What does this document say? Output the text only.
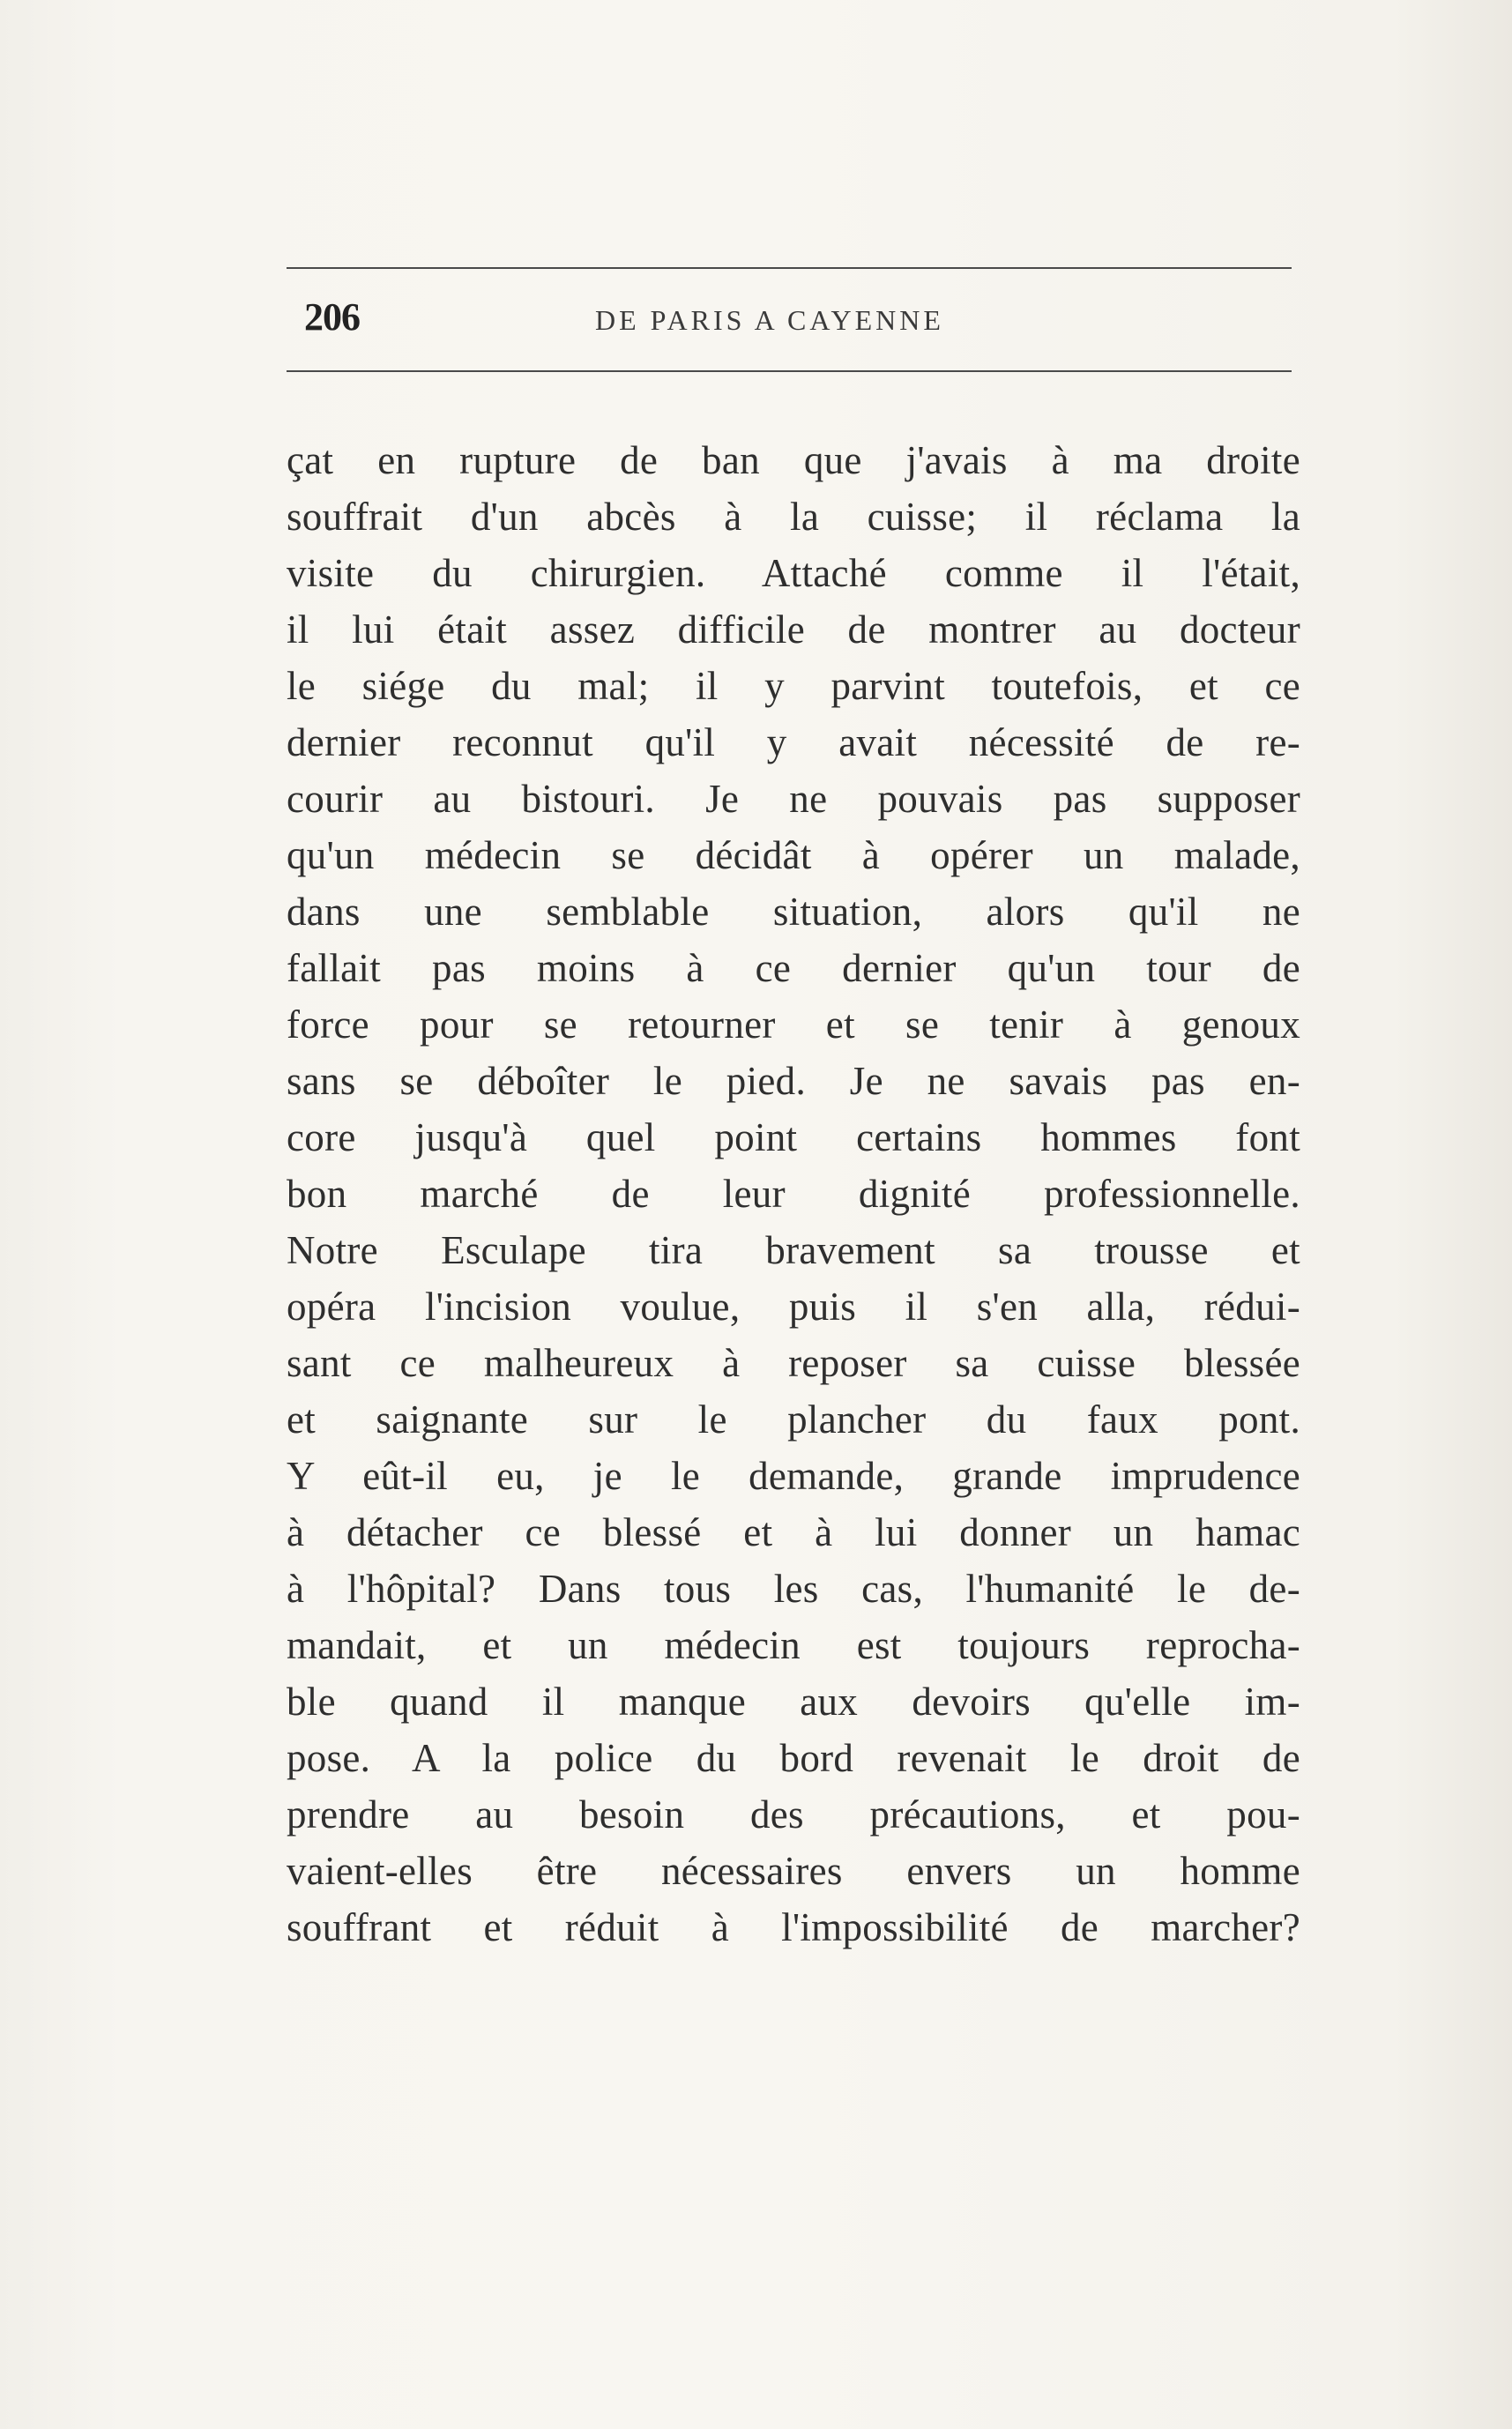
206	DE PARIS A CAYENNE
çat en rupture de ban que j'avais à ma droite
souffrait d'un abcès à la cuisse; il réclama la
visite du chirurgien. Attaché comme il l'était,
il lui était assez difficile de montrer au docteur
le siége du mal; il y parvint toutefois, et ce
dernier reconnut qu'il y avait nécessité de re-
courir au bistouri. Je ne pouvais pas supposer
qu'un médecin se décidât à opérer un malade,
dans une semblable situation, alors qu'il ne
fallait pas moins à ce dernier qu'un tour de
force pour se retourner et se tenir à genoux
sans se déboîter le pied. Je ne savais pas en-
core jusqu'à quel point certains hommes font
bon marché de leur dignité professionnelle.
Notre Esculape tira bravement sa trousse et
opéra l'incision voulue, puis il s'en alla, rédui-
sant ce malheureux à reposer sa cuisse blessée
et saignante sur le plancher du faux pont.
Y eût-il eu, je le demande, grande imprudence
à détacher ce blessé et à lui donner un hamac
à l'hôpital? Dans tous les cas, l'humanité le de-
mandait, et un médecin est toujours reprocha-
ble quand il manque aux devoirs qu'elle im-
pose. A la police du bord revenait le droit de
prendre au besoin des précautions, et pou-
vaient-elles être nécessaires envers un homme
souffrant et réduit à l'impossibilité de marcher?
